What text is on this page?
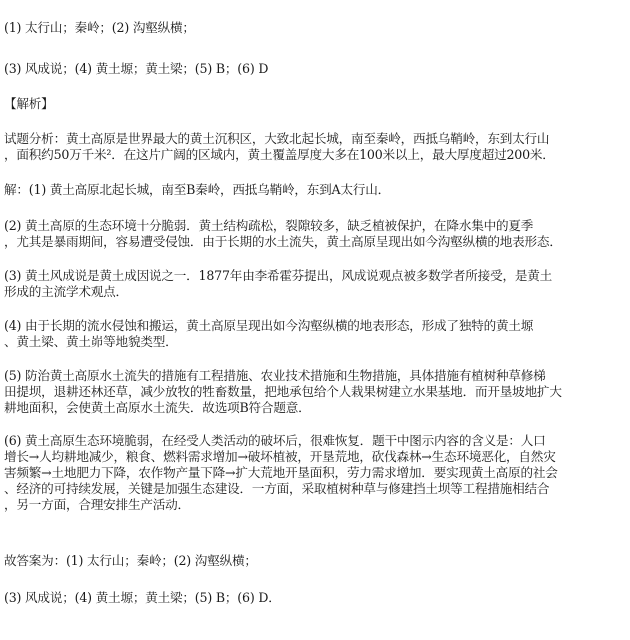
(1) 太行山；秦岭；(2) 沟壑纵横；
(3) 风成说；(4) 黄土塬；黄土梁；(5) B；(6) D
【解析】
试题分析：黄土高原是世界最大的黄土沉积区，大致北起长城，南至秦岭，西抵乌鞘岭，东到太行山
，面积约50万千米²．在这片广阔的区域内，黄土覆盖厚度大多在100米以上，最大厚度超过200米．
解：(1) 黄土高原北起长城，南至B秦岭，西抵乌鞘岭，东到A太行山．
(2) 黄土高原的生态环境十分脆弱．黄土结构疏松，裂隙较多，缺乏植被保护，在降水集中的夏季
，尤其是暴雨期间，容易遭受侵蚀．由于长期的水土流失，黄土高原呈现出如今沟壑纵横的地表形态．
(3) 黄土风成说是黄土成因说之一．1877年由李希霍芬提出，风成说观点被多数学者所接受，是黄土
形成的主流学术观点．
(4) 由于长期的流水侵蚀和搬运，黄土高原呈现出如今沟壑纵横的地表形态，形成了独特的黄土塬
、黄土梁、黄土峁等地貌类型．
(5) 防治黄土高原水土流失的措施有工程措施、农业技术措施和生物措施，具体措施有植树种草修梯
田提坝，退耕还林还草，减少放牧的牲畜数量，把地承包给个人栽果树建立水果基地．而开垦坡地扩大
耕地面积，会使黄土高原水土流失．故选项B符合题意．
(6) 黄土高原生态环境脆弱，在经受人类活动的破坏后，很难恢复．题干中图示内容的含义是：人口
增长→人均耕地减少，粮食、燃料需求增加→破坏植被，开垦荒地，砍伐森林→生态环境恶化，自然灾
害频繁→土地肥力下降，农作物产量下降→扩大荒地开垦面积，劳力需求增加．要实现黄土高原的社会
、经济的可持续发展，关键是加强生态建设．一方面，采取植树种草与修建挡土坝等工程措施相结合
，另一方面，合理安排生产活动．
故答案为：(1) 太行山；秦岭；(2) 沟壑纵横；
(3) 风成说；(4) 黄土塬；黄土梁；(5) B；(6) D．
